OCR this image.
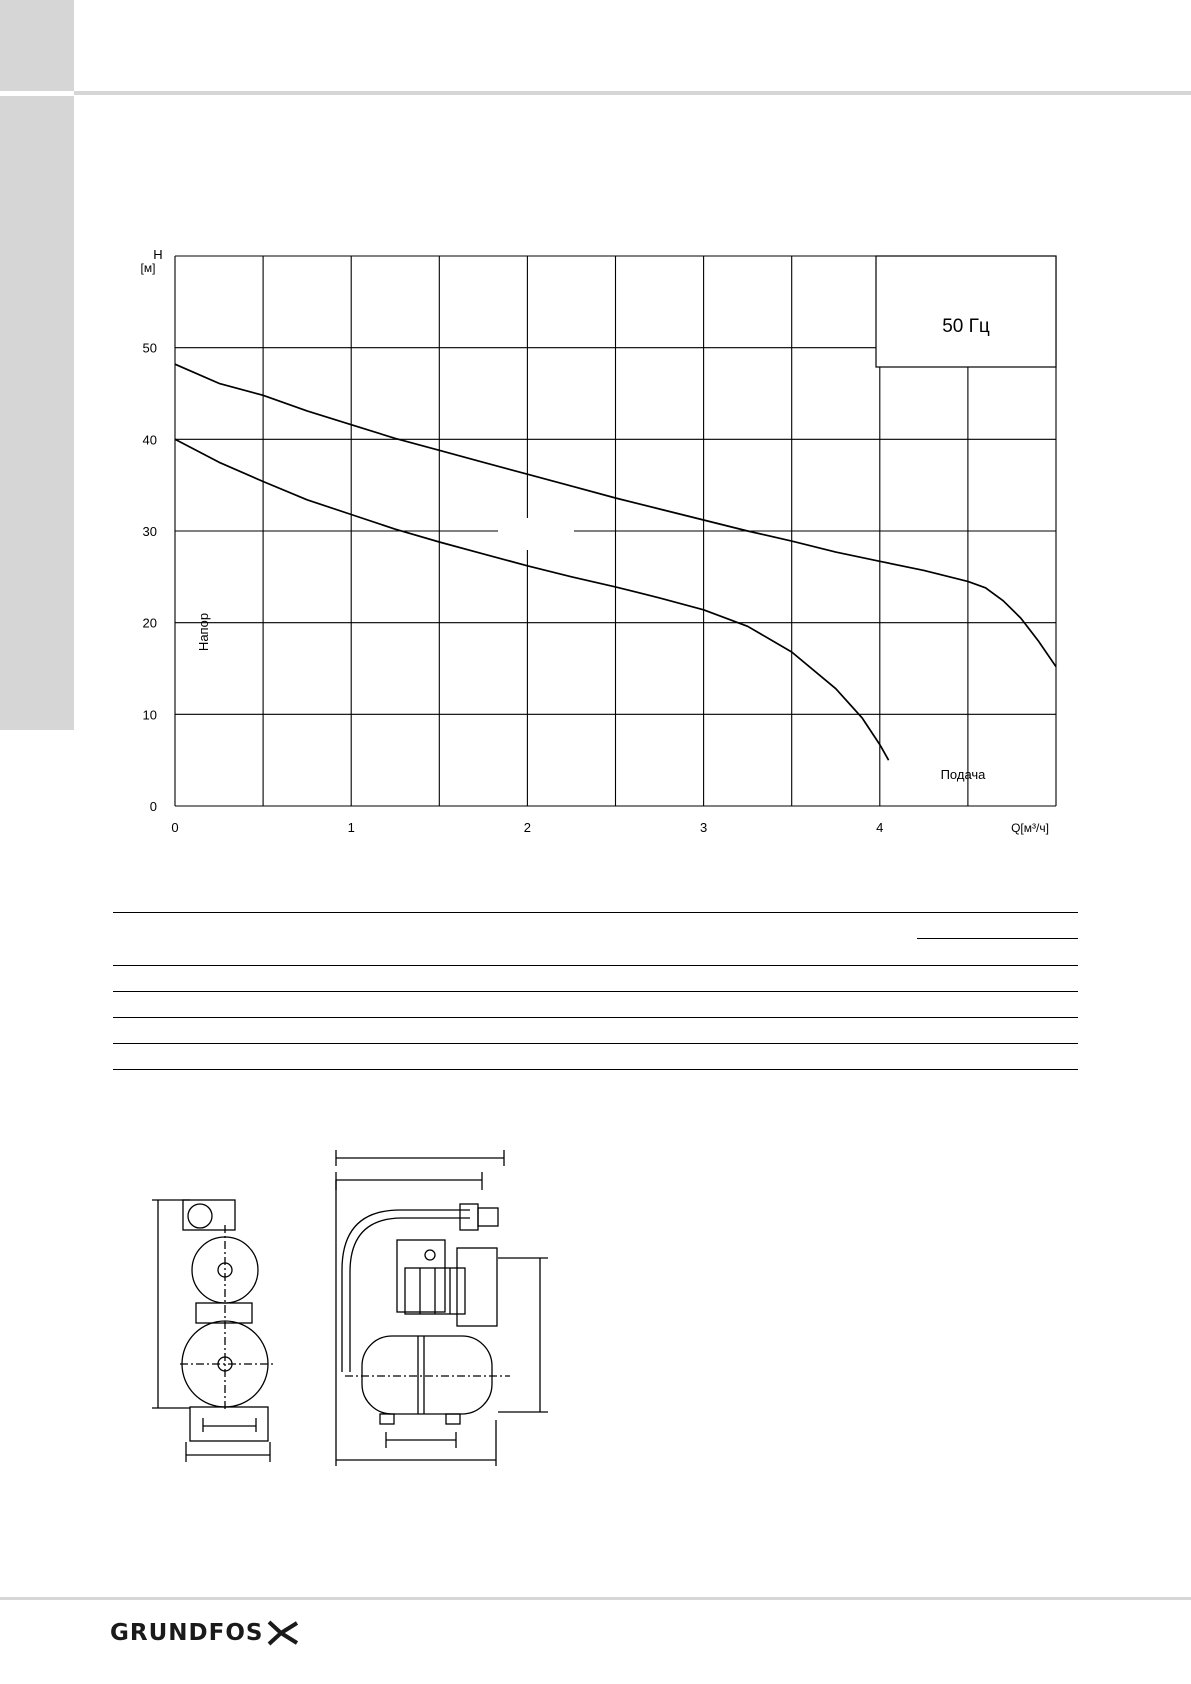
50 Гц
0	1	2	3	4
0
10
20
30
40
50
H
[м]
Напор
Q[м³/ч]
Подача
GRUNDFOS
